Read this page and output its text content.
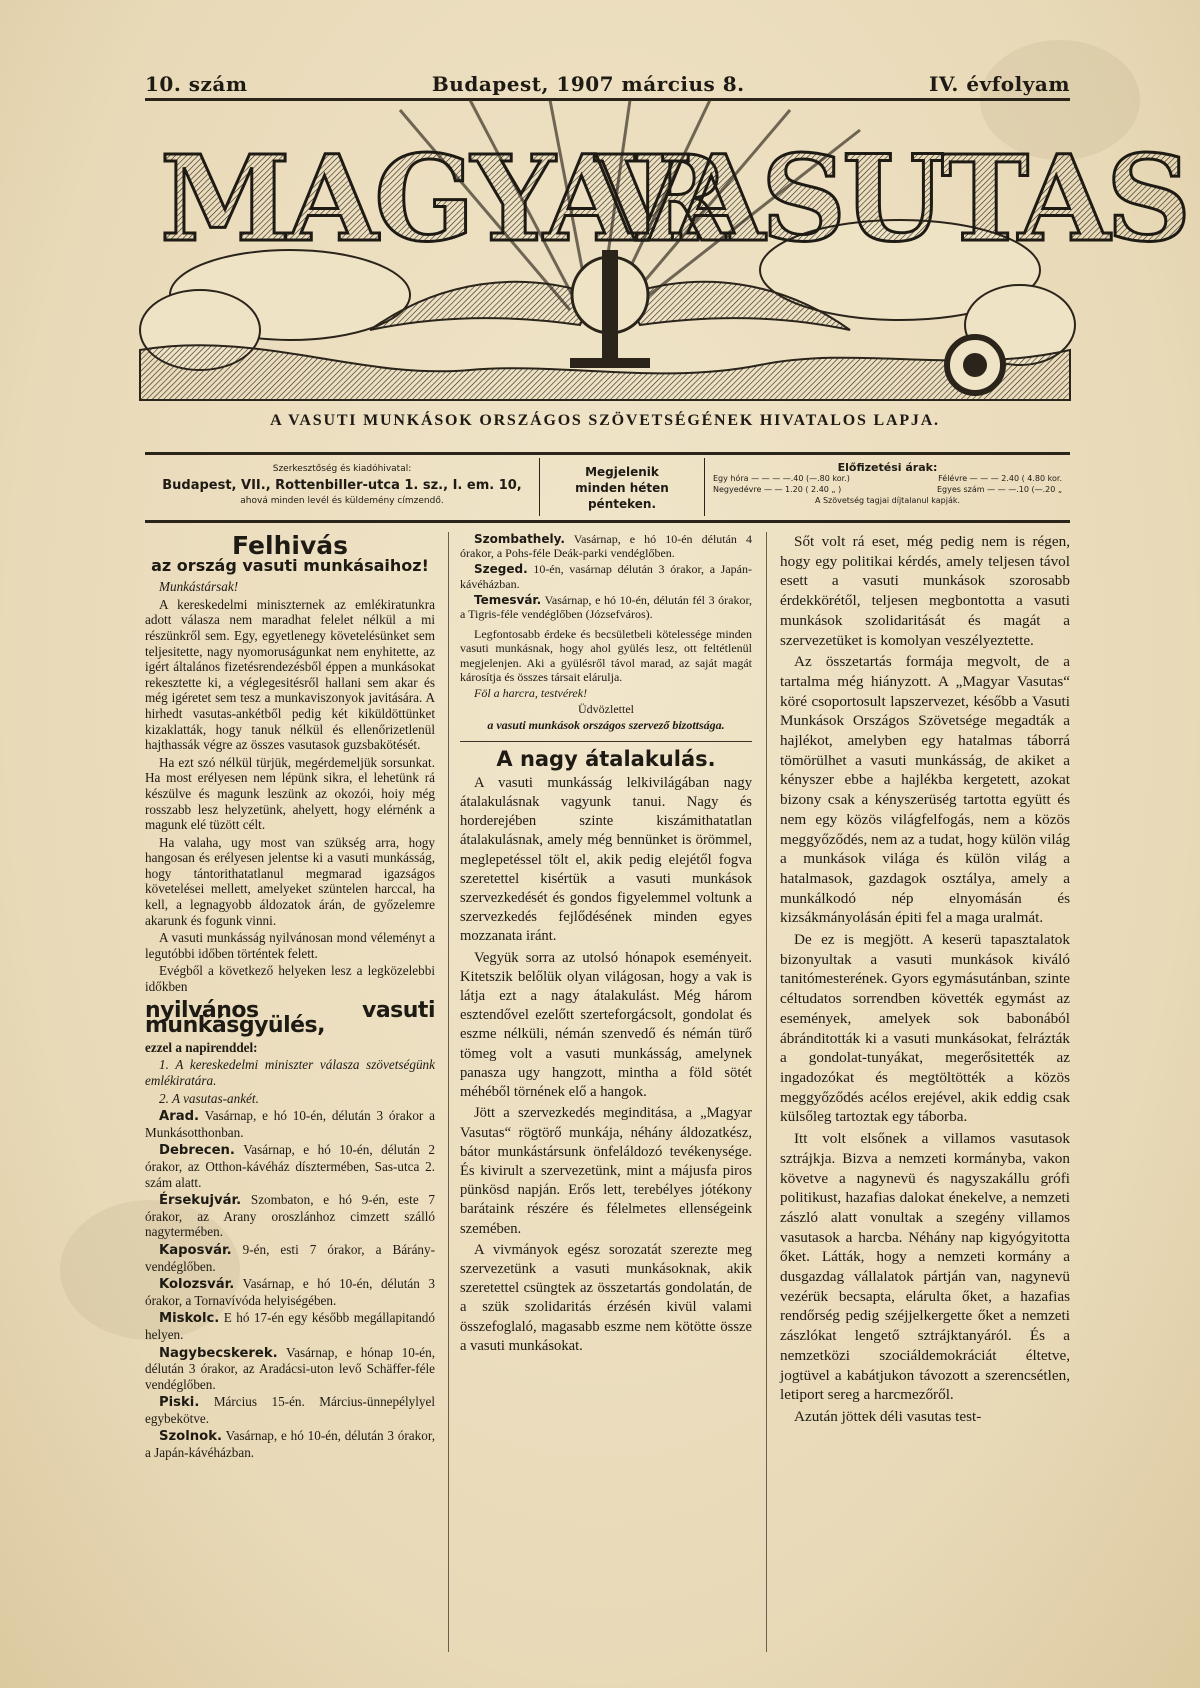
10. szám	Budapest, 1907 március 8.	IV. évfolyam
MAGYAR
VASUTAS
A VASUTI MUNKÁSOK ORSZÁGOS SZÖVETSÉGÉNEK HIVATALOS LAPJA.
Szerkesztőség és kiadóhivatal:
Budapest, VII., Rottenbiller-utca 1. sz., I. em. 10,
ahová minden levél és küldemény címzendő.
Megjelenik
minden héten
pénteken.
Előfizetési árak:
Egy hóra — — — —.40 (—.80 kor.)	Félévre — — — 2.40 ( 4.80 kor.
Negyedévre — — 1.20 ( 2.40 „ )	Egyes szám — — —.10 (—.20 „
A Szövetség tagjai díjtalanul kapják.
Felhivás
az ország vasuti munkásaihoz!

Munkástársak!

A kereskedelmi miniszternek az emlékiratunkra adott válasza nem maradhat felelet nélkül a mi részünkről sem. Egy, egyetlenegy követelésünket sem teljesitette, nagy nyomoruságunkat nem enyhitette, az igért általános fizetésrendezésből éppen a munkásokat rekesztette ki, a véglegesitésről hallani sem akar és még igéretet sem tesz a munkaviszonyok javitására. A hirhedt vasutas-ankétből pedig két kiküldöttünket kizaklatták, hogy tanuk nélkül és ellenőrizetlenül hajthassák végre az összes vasutasok guzsbakötését.

Ha ezt szó nélkül türjük, megérdemeljük sorsunkat. Ha most erélyesen nem lépünk sikra, el lehetünk rá készülve és magunk leszünk az okozói, hoiy még rosszabb lesz helyzetünk, ahelyett, hogy elérnénk a magunk elé tüzött célt.

Ha valaha, ugy most van szükség arra, hogy hangosan és erélyesen jelentse ki a vasuti munkásság, hogy tántorithatatlanul megmarad igazságos követelései mellett, amelyeket szüntelen harccal, ha kell, a legnagyobb áldozatok árán, de győzelemre akarunk és fogunk vinni.

A vasuti munkásság nyilvánosan mond véleményt a legutóbbi időben történtek felett.

Evégből a következő helyeken lesz a legközelebbi időkben

nyilvános vasuti munkásgyülés,

ezzel a napirenddel:

1. A kereskedelmi miniszter válasza szövetségünk emlékiratára.

2. A vasutas-ankét.

Arad. Vasárnap, e hó 10-én, délután 3 órakor a Munkásotthonban.

Debrecen. Vasárnap, e hó 10-én, délután 2 órakor, az Otthon-kávéház dísztermében, Sas-utca 2. szám alatt.

Érsekujvár. Szombaton, e hó 9-én, este 7 órakor, az Arany oroszlánhoz cimzett szálló nagytermében.

Kaposvár. 9-én, esti 7 órakor, a Bárány-vendéglőben.

Kolozsvár. Vasárnap, e hó 10-én, délután 3 órakor, a Tornavívóda helyiségében.

Miskolc. E hó 17-én egy később megállapitandó helyen.

Nagybecskerek. Vasárnap, e hónap 10-én, délután 3 órakor, az Aradácsi-uton levő Schäffer-féle vendéglőben.

Piski. Március 15-én. Március-ünnepélylyel egybekötve.

Szolnok. Vasárnap, e hó 10-én, délután 3 órakor, a Japán-kávéházban.

Szombathely. Vasárnap, e hó 10-én délután 4 órakor, a Pohs-féle Deák-parki vendéglőben.

Szeged. 10-én, vasárnap délután 3 órakor, a Japán-kávéházban.

Temesvár. Vasárnap, e hó 10-én, délután fél 3 órakor, a Tigris-féle vendéglőben (Józsefváros).

Legfontosabb érdeke és becsületbeli kötelessége minden vasuti munkásnak, hogy ahol gyülés lesz, ott feltétlenül megjelenjen. Aki a gyülésről távol marad, az saját magát károsítja és összes társait elárulja.

Föl a harcra, testvérek!

Üdvözlettel

a vasuti munkások országos szervező bizottsága.

A nagy átalakulás.

A vasuti munkásság lelkivilágában nagy átalakulásnak vagyunk tanui. Nagy és horderejében szinte kiszámithatatlan átalakulásnak, amely még bennünket is örömmel, meglepetéssel tölt el, akik pedig elejétől fogva szeretettel kisértük a vasuti munkások szervezkedését és gondos figyelemmel voltunk a szervezkedés fejlődésének minden egyes mozzanata iránt.

Vegyük sorra az utolsó hónapok eseményeit. Kitetszik belőlük olyan világosan, hogy a vak is látja ezt a nagy átalakulást. Még három esztendővel ezelőtt szerteforgácsolt, gondolat és eszme nélküli, némán szenvedő és némán türő tömeg volt a vasuti munkásság, amelynek panasza ugy hangzott, mintha a föld sötét méhéből törnének elő a hangok.

Jött a szervezkedés meginditása, a „Magyar Vasutas“ rögtörő munkája, néhány áldozatkész, bátor munkástársunk önfeláldozó tevékenysége. És kivirult a szervezetünk, mint a májusfa piros pünkösd napján. Erős lett, terebélyes jótékony barátaink részére és félelmetes ellenségeink szemében.

A vivmányok egész sorozatát szerezte meg szervezetünk a vasuti munkásoknak, akik szeretettel csüngtek az összetartás gondolatán, de a szük szolidaritás érzésén kivül valami összefoglaló, magasabb eszme nem kötötte össze a vasuti munkásokat.

Sőt volt rá eset, még pedig nem is régen, hogy egy politikai kérdés, amely teljesen távol esett a vasuti munkások szorosabb érdekkörétől, teljesen megbontotta a vasuti munkások szolidaritását és magát a szervezetüket is komolyan veszélyeztette.

Az összetartás formája megvolt, de a tartalma még hiányzott. A „Magyar Vasutas“ köré csoportosult lapszervezet, később a Vasuti Munkások Országos Szövetsége megadták a hajlékot, amelyben egy hatalmas táborrá tömörülhet a vasuti munkásság, de akiket a kényszer ebbe a hajlékba kergetett, azokat bizony csak a kényszerüség tartotta együtt és nem egy közös világfelfogás, nem a közös meggyőződés, nem az a tudat, hogy külön világ a munkások világa és külön világ a hatalmasok, gazdagok osztálya, amely a munkálkodó nép elnyomásán és kizsákmányolásán épiti fel a maga uralmát.

De ez is megjött. A keserü tapasztalatok bizonyultak a vasuti munkások kiváló tanitómesterének. Gyors egymásutánban, szinte céltudatos sorrendben követték egymást az események, amelyek sok babonából ábránditották ki a vasuti munkásokat, felrázták a gondolat-tunyákat, megerősitették az ingadozókat és megtöltötték a közös meggyőződés acélos erejével, akik eddig csak külsőleg tartoztak egy táborba.

Itt volt elsőnek a villamos vasutasok sztrájkja. Bizva a nemzeti kormányba, vakon követve a nagynevü és nagyszakállu grófi politikust, hazafias dalokat énekelve, a nemzeti zászló alatt vonultak a szegény villamos vasutasok a harcba. Néhány nap kigyógyitotta őket. Látták, hogy a nemzeti kormány a dusgazdag vállalatok pártján van, nagynevü vezérük becsapta, elárulta őket, a hazafias rendőrség pedig széjjelkergette őket a nemzeti zászlókat lengető sztrájktanyáról. És a nemzetközi szociáldemokráciát éltetve, jogtüvel a kabátjukon távozott a szerencsétlen, letiport sereg a harcmezőről.

Azután jöttek déli vasutas test-
